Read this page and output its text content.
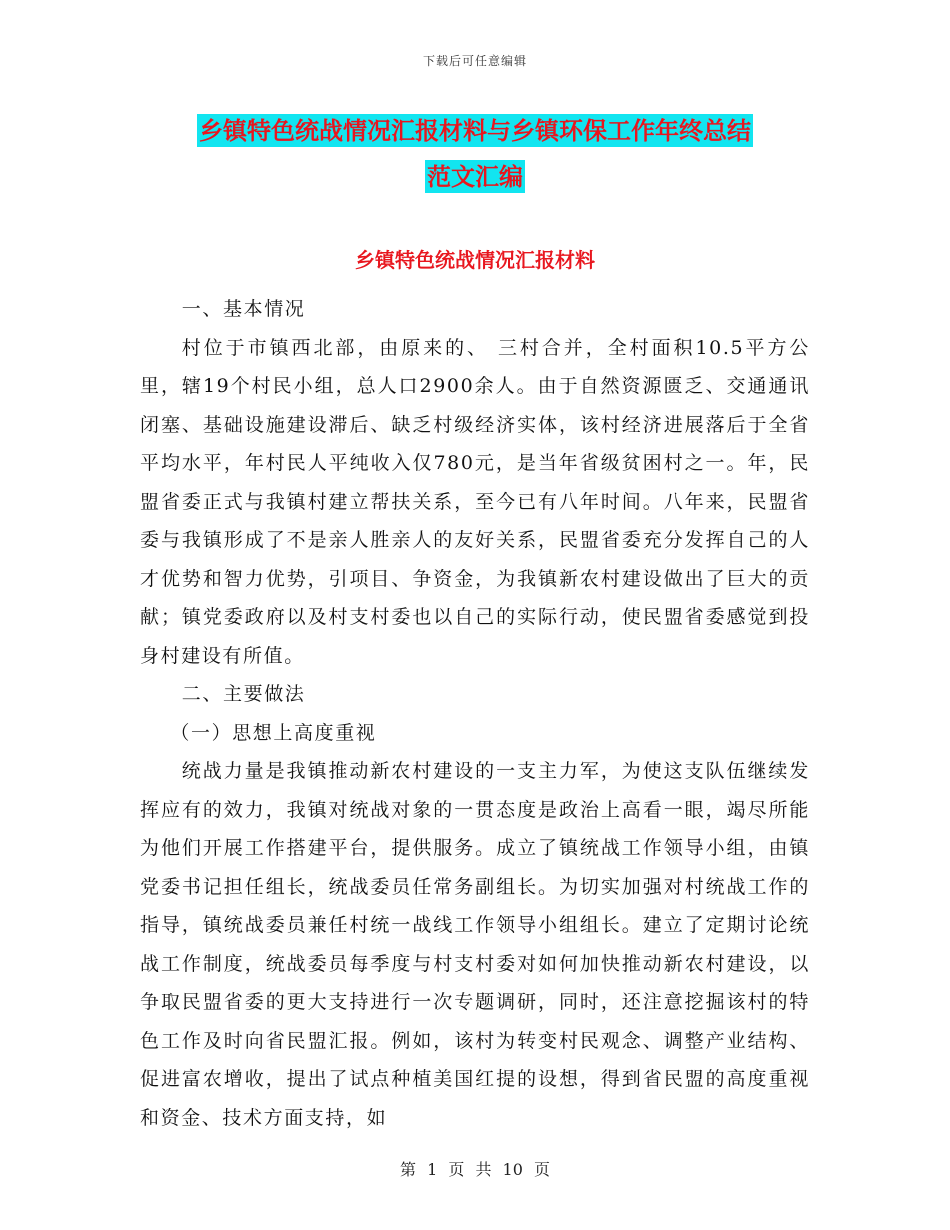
下载后可任意编辑
乡镇特色统战情况汇报材料与乡镇环保工作年终总结
范文汇编
乡镇特色统战情况汇报材料

一、基本情况

村位于市镇西北部，由原来的、 三村合并，全村面积10.5平方公里，辖19个村民小组，总人口2900余人。由于自然资源匮乏、交通通讯闭塞、基础设施建设滞后、缺乏村级经济实体，该村经济进展落后于全省平均水平，年村民人平纯收入仅780元，是当年省级贫困村之一。年，民盟省委正式与我镇村建立帮扶关系，至今已有八年时间。八年来，民盟省委与我镇形成了不是亲人胜亲人的友好关系，民盟省委充分发挥自己的人才优势和智力优势，引项目、争资金，为我镇新农村建设做出了巨大的贡献；镇党委政府以及村支村委也以自己的实际行动，使民盟省委感觉到投身村建设有所值。

二、主要做法

（一）思想上高度重视

统战力量是我镇推动新农村建设的一支主力军，为使这支队伍继续发挥应有的效力，我镇对统战对象的一贯态度是政治上高看一眼，竭尽所能为他们开展工作搭建平台，提供服务。成立了镇统战工作领导小组，由镇党委书记担任组长，统战委员任常务副组长。为切实加强对村统战工作的指导，镇统战委员兼任村统一战线工作领导小组组长。建立了定期讨论统战工作制度，统战委员每季度与村支村委对如何加快推动新农村建设，以争取民盟省委的更大支持进行一次专题调研，同时，还注意挖掘该村的特色工作及时向省民盟汇报。例如，该村为转变村民观念、调整产业结构、促进富农增收，提出了试点种植美国红提的设想，得到省民盟的高度重视和资金、技术方面支持，如

第 1 页 共 10 页
